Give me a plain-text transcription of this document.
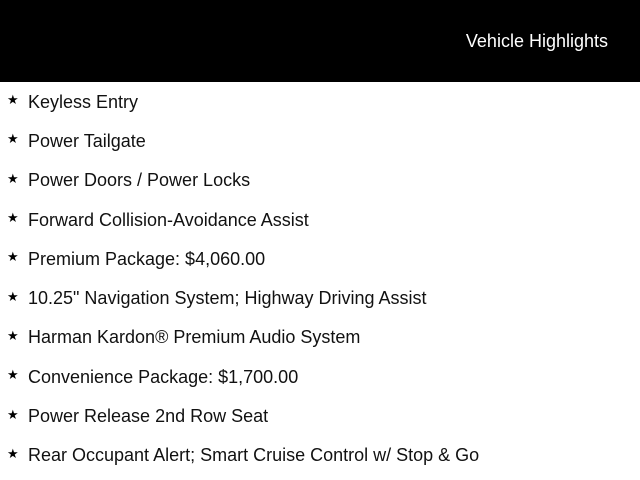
Vehicle Highlights
★ Keyless Entry
★ Power Tailgate
★ Power Doors / Power Locks
★ Forward Collision-Avoidance Assist
★ Premium Package: $4,060.00
★ 10.25" Navigation System; Highway Driving Assist
★ Harman Kardon® Premium Audio System
★ Convenience Package: $1,700.00
★ Power Release 2nd Row Seat
★ Rear Occupant Alert; Smart Cruise Control w/ Stop & Go
